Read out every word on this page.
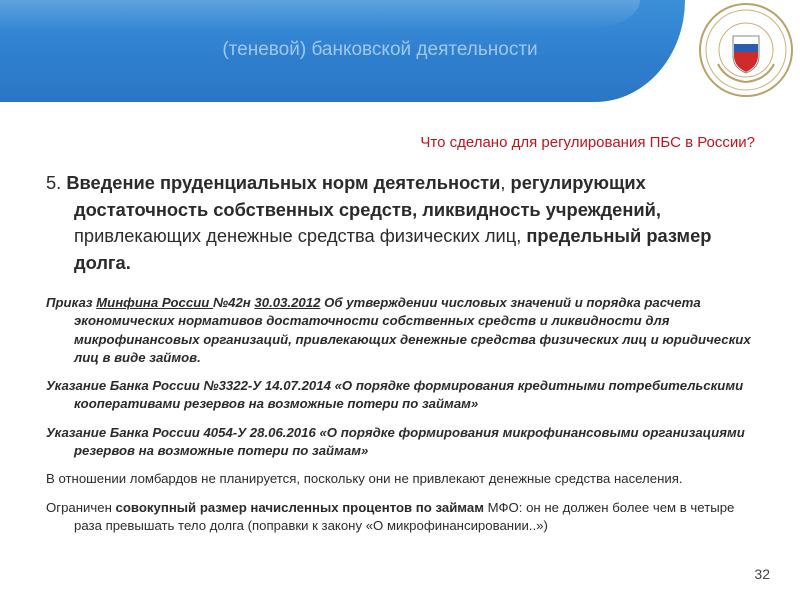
(теневой) банковской деятельности
Что сделано для регулирования ПБС в России?

5. Введение пруденциальных норм деятельности, регулирующих достаточность собственных средств, ликвидность учреждений, привлекающих денежные средства физических лиц, предельный размер долга.

Приказ Минфина России №42н 30.03.2012 Об утверждении числовых значений и порядка расчета экономических нормативов достаточности собственных средств и ликвидности для микрофинансовых организаций, привлекающих денежные средства физических лиц и юридических лиц в виде займов.

Указание Банка России №3322-У 14.07.2014 «О порядке формирования кредитными потребительскими кооперативами резервов на возможные потери по займам»

Указание Банка России 4054-У 28.06.2016 «О порядке формирования микрофинансовыми организациями резервов на возможные потери по займам»

В отношении ломбардов не планируется, поскольку они не привлекают денежные средства населения.

Ограничен совокупный размер начисленных процентов по займам МФО: он не должен более чем в четыре раза превышать тело долга (поправки к закону «О микрофинансировании..»)

32
